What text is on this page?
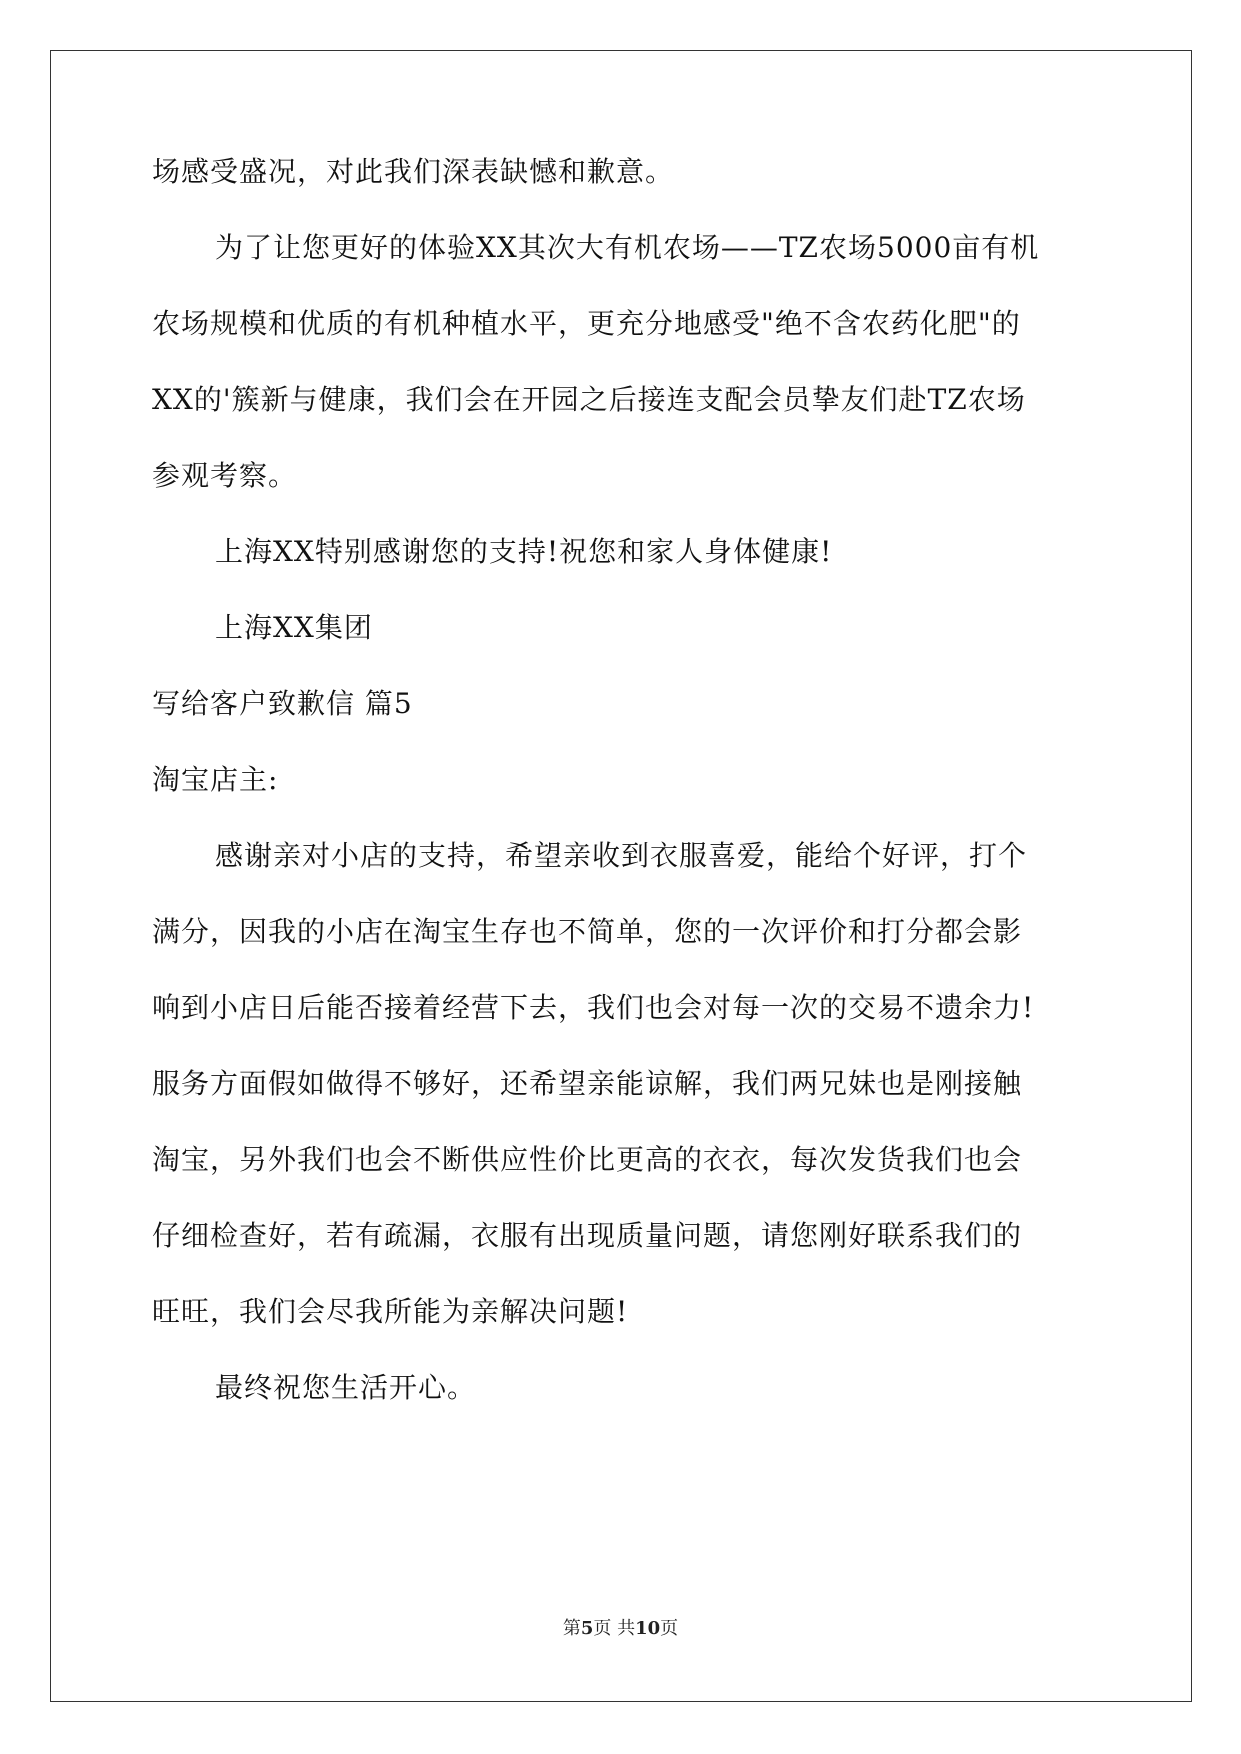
场感受盛况，对此我们深表缺憾和歉意。
为了让您更好的体验XX其次大有机农场——TZ农场5000亩有机
农场规模和优质的有机种植水平，更充分地感受"绝不含农药化肥"的
XX的'簇新与健康，我们会在开园之后接连支配会员挚友们赴TZ农场
参观考察。
上海XX特别感谢您的支持!祝您和家人身体健康!
上海XX集团
写给客户致歉信 篇5
淘宝店主:
感谢亲对小店的支持，希望亲收到衣服喜爱，能给个好评，打个
满分，因我的小店在淘宝生存也不简单，您的一次评价和打分都会影
响到小店日后能否接着经营下去，我们也会对每一次的交易不遗余力!
服务方面假如做得不够好，还希望亲能谅解，我们两兄妹也是刚接触
淘宝，另外我们也会不断供应性价比更高的衣衣，每次发货我们也会
仔细检查好，若有疏漏，衣服有出现质量问题，请您刚好联系我们的
旺旺，我们会尽我所能为亲解决问题!
最终祝您生活开心。
第5页 共10页
